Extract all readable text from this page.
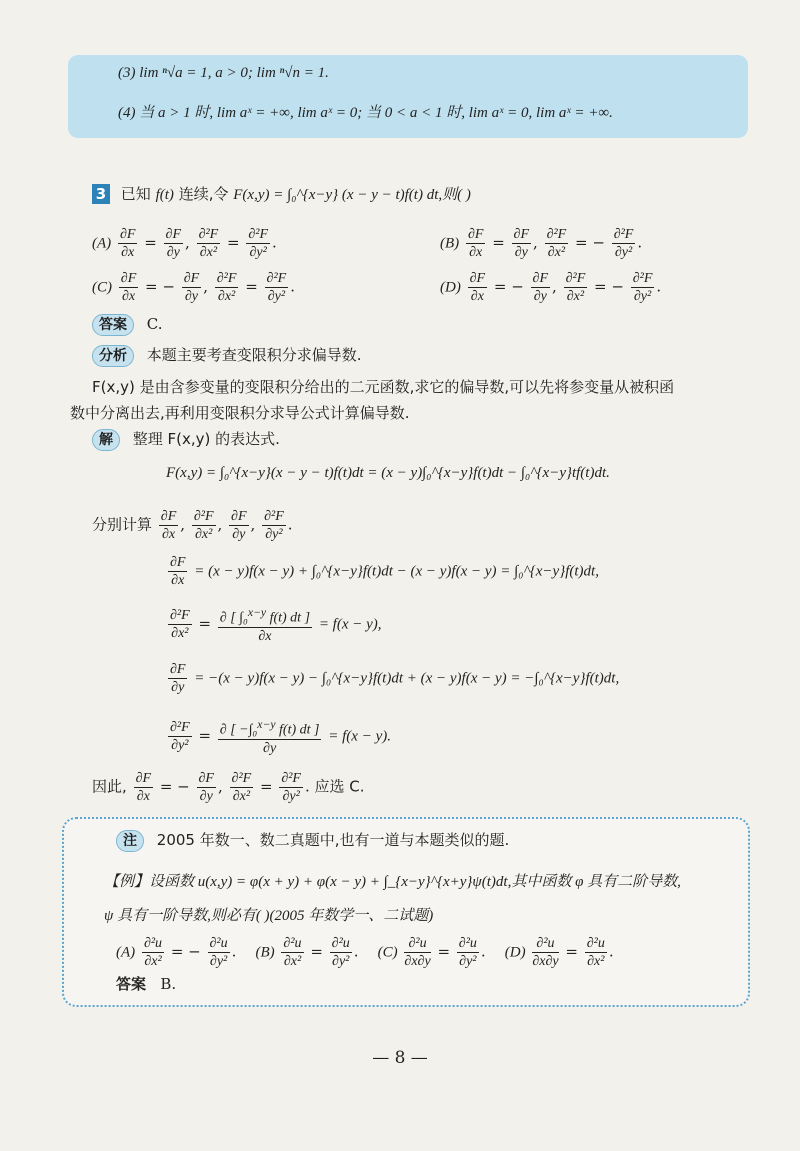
(3) lim ⁿ√a = 1, a > 0; lim ⁿ√n = 1.
(4) 当 a > 1 时, lim aˣ = +∞, lim aˣ = 0; 当 0 < a < 1 时, lim aˣ = 0, lim aˣ = +∞.
3 已知 f(t) 连续,令 F(x,y) = ∫₀^{x−y} (x − y − t)f(t) dt,则( )
$(A) \frac{\partial F}{\partial x} = \frac{\partial F}{\partial y}$ , $\frac{\text{∂²F}}{\text{∂x²}} = \frac{\text{∂²F}}{\text{∂y²}}$ .	$(B) \frac{\partial F}{\partial x} = \frac{\partial F}{\partial y}$ , $\frac{\text{∂²F}}{\text{∂x²}}$ = − $\frac{\text{∂²F}}{\text{∂y²}}$ .
$(C) \frac{\partial F}{\partial x}$ = − $\frac{\partial F}{\partial y}$ , $\frac{\text{∂²F}}{\text{∂x²}} = \frac{\text{∂²F}}{\text{∂y²}}$ .	$(D) \frac{\partial F}{\partial x}$ = − $\frac{\partial F}{\partial y}$ , $\frac{\text{∂²F}}{\text{∂x²}}$ = − $\frac{\text{∂²F}}{\text{∂y²}}$ .
答案 C.
分析 本题主要考查变限积分求偏导数.
F(x,y) 是由含参变量的变限积分给出的二元函数,求它的偏导数,可以先将参变量从被积函
数中分离出去,再利用变限积分求导公式计算偏导数.
解 整理 F(x,y) 的表达式.
F(x,y) = ∫₀^{x−y}(x − y − t)f(t)dt = (x − y)∫₀^{x−y}f(t)dt − ∫₀^{x−y}tf(t)dt.
分别计算 $\frac{\partial F}{\partial x}$ , $\frac{\text{∂²F}}{\text{∂x²}}$ , $\frac{\partial F}{\partial y}$ , $\frac{\text{∂²F}}{\text{∂y²}}$ .
$\frac{\partial F}{\partial x} = (x - y)f(x - y)$ + ∫₀^{x−y}f(t)dt − (x − y)f(x − y) = ∫₀^{x−y}f(t)dt,
$\frac{\text{∂²F}}{\text{∂x²}} = \frac{\partial [ \int_0^{x-y} f(t) dt ]}{\partial x} = f(x - y)$,
$\frac{\partial F}{\partial y} = -(x - y)f(x - y)$ − ∫₀^{x−y}f(t)dt + (x − y)f(x − y) = −∫₀^{x−y}f(t)dt,
$\frac{\text{∂²F}}{\text{∂y²}} = \frac{\partial [ -\int_0^{x-y} f(t) dt ]}{\partial y} = f(x - y)$.
因此, $\frac{\partial F}{\partial x}$ = − $\frac{\partial F}{\partial y}$ , $\frac{\text{∂²F}}{\text{∂x²}} = \frac{\text{∂²F}}{\text{∂y²}}$ . 应选 C.
注 2005 年数一、数二真题中,也有一道与本题类似的题.
【例】设函数 u(x,y) = φ(x + y) + φ(x − y) + ∫_{x−y}^{x+y}ψ(t)dt,其中函数 φ 具有二阶导数,
ψ 具有一阶导数,则必有( )(2005 年数学一、二试题)
$(A) \frac{\text{∂²u}}{\text{∂x²}}$ = − $\frac{\text{∂²u}}{\text{∂y²}}$ .    $(B) \frac{\text{∂²u}}{\text{∂x²}} = \frac{\text{∂²u}}{\text{∂y²}}$ .    $(C) \frac{\text{∂²u}}{\partial x\partial y} = \frac{\text{∂²u}}{\text{∂y²}}$ .    $(D) \frac{\text{∂²u}}{\partial x\partial y} = \frac{\text{∂²u}}{\text{∂x²}}$ .
答案 B.
— 8 —
